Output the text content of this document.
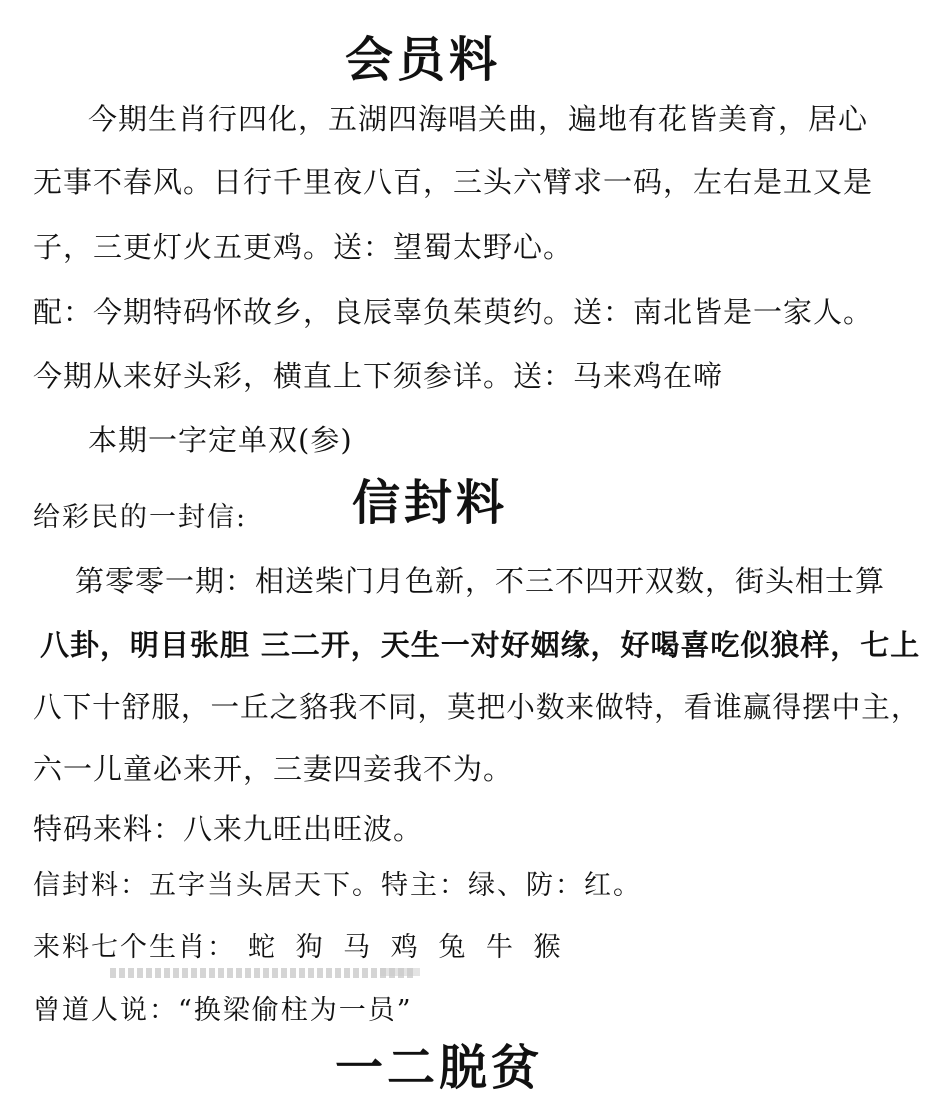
会员料
今期生肖行四化，五湖四海唱关曲，遍地有花皆美育，居心
无事不春风。日行千里夜八百，三头六臂求一码，左右是丑又是
子，三更灯火五更鸡。送：望蜀太野心。
配：今期特码怀故乡，良辰辜负茱萸约。送：南北皆是一家人。
今期从来好头彩，横直上下须参详。送：马来鸡在啼
本期一字定单双(参)
给彩民的一封信: 信封料
第零零一期：相送柴门月色新，不三不四开双数，街头相士算
八卦，明目张胆 三二开，天生一对好姻缘，好喝喜吃似狼样，七上
八下十舒服，一丘之貉我不同，莫把小数来做特，看谁赢得摆中主，
六一儿童必来开，三妻四妾我不为。
特码来料：八来九旺出旺波。
信封料：五字当头居天下。特主：绿、防：红。
来料七个生肖： 蛇 狗 马 鸡 兔 牛 猴
曾道人说：“换梁偷柱为一员”
一二脱贫
